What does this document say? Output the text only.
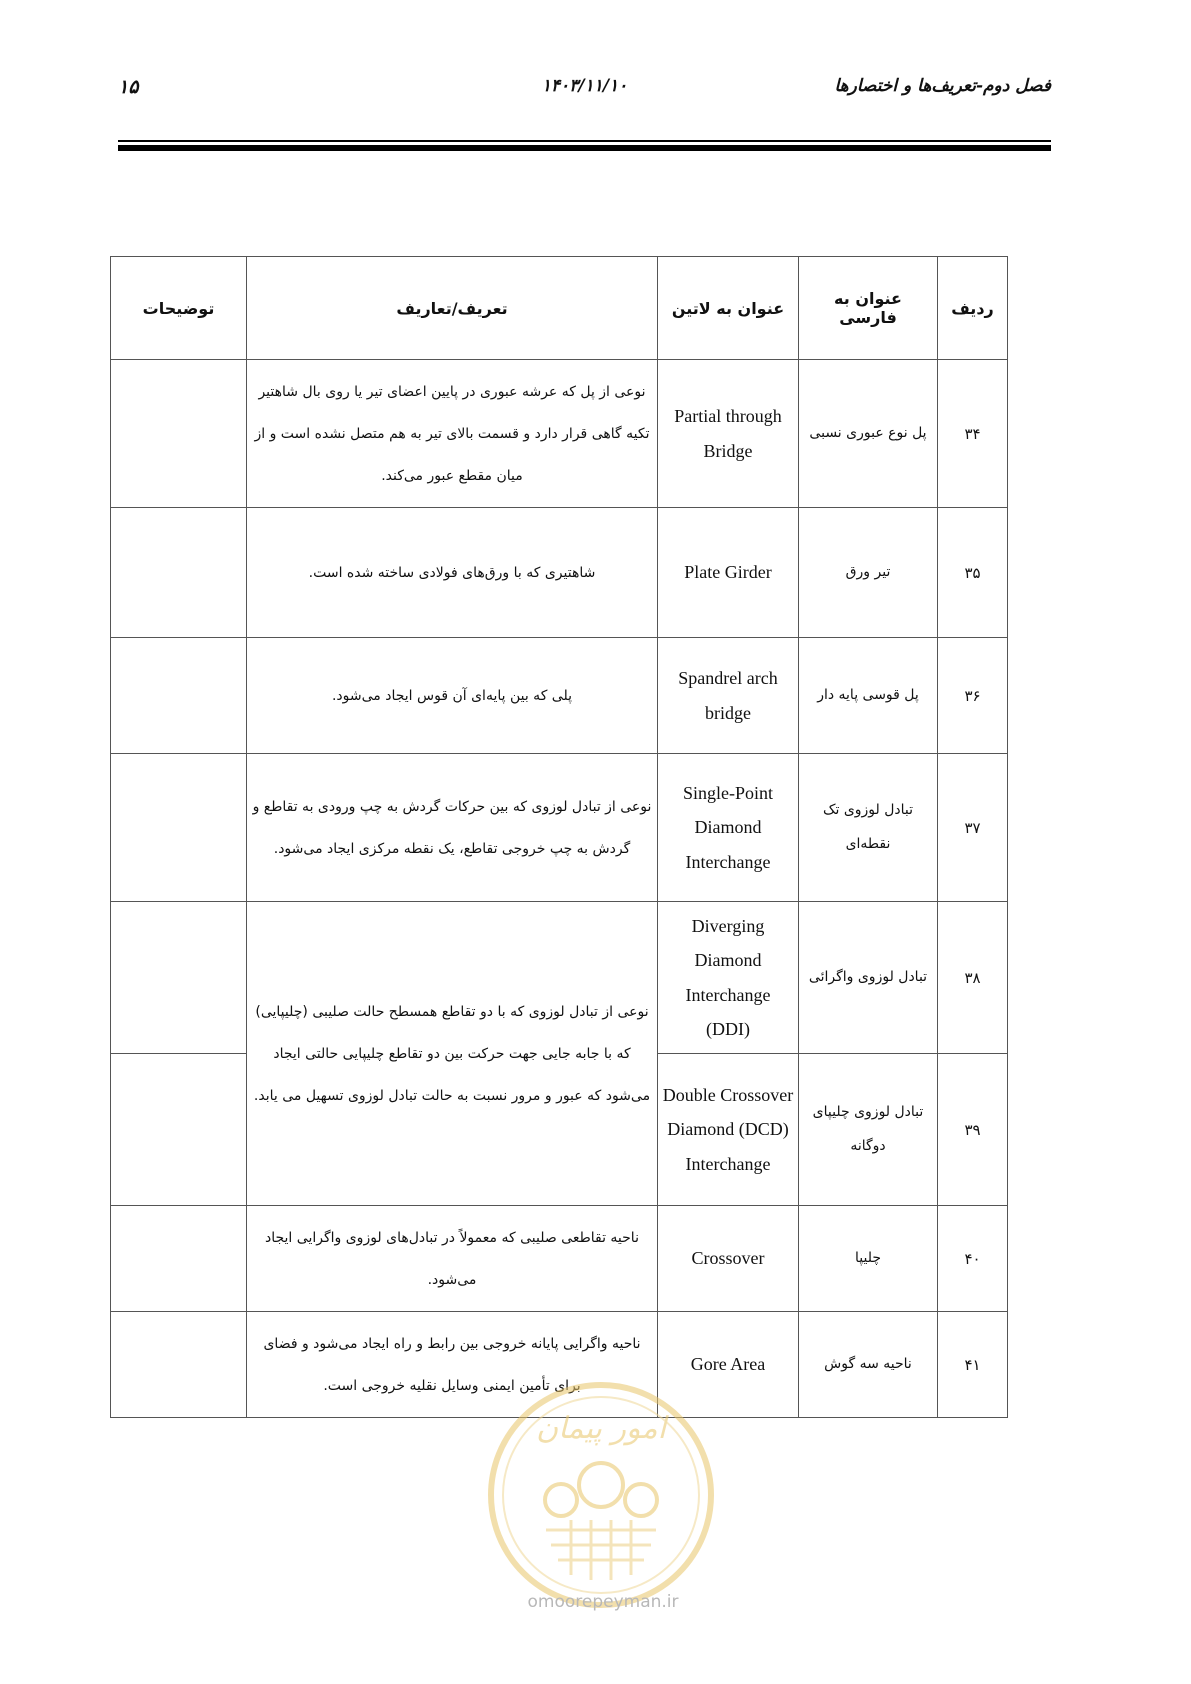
۱۵	۱۴۰۳/۱۱/۱۰	فصل دوم-تعریف‌ها و اختصارها
ردیف	عنوان به فارسی	عنوان به لاتین	تعریف/تعاریف	توضیحات
۳۴	پل نوع عبوری نسبی	Partial through Bridge	نوعی از پل که عرشه عبوری در پایین اعضای تیر یا روی بال شاهتیر تکیه گاهی قرار دارد و قسمت بالای تیر به هم متصل نشده است و از میان مقطع عبور می‌کند.	
۳۵	تیر ورق	Plate Girder	شاهتیری که با ورق‌های فولادی ساخته شده است.	
۳۶	پل قوسی پایه دار	Spandrel arch bridge	پلی که بین پایه‌ای آن قوس ایجاد می‌شود.	
۳۷	تبادل لوزوی تک نقطه‌ای	Single-Point Diamond Interchange	نوعی از تبادل لوزوی که بین حرکات گردش به چپ ورودی به تقاطع و گردش به چپ خروجی تقاطع، یک نقطه مرکزی ایجاد می‌شود.	
۳۸	تبادل لوزوی واگرائی	Diverging Diamond Interchange (DDI)	نوعی از تبادل لوزوی که با دو تقاطع همسطح حالت صلیبی (چلیپایی) که با جابه جایی جهت حرکت بین دو تقاطع چلیپایی حالتی ایجاد می‌شود که عبور و مرور نسبت به حالت تبادل لوزوی تسهیل می یابد.	
۳۹	تبادل لوزوی چلیپای دوگانه	Double Crossover Diamond (DCD) Interchange		
۴۰	چلیپا	Crossover	ناحیه تقاطعی صلیبی که معمولاً در تبادل‌های لوزوی واگرایی ایجاد می‌شود.	
۴۱	ناحیه سه گوش	Gore Area	ناحیه واگرایی پایانه خروجی بین رابط و راه ایجاد می‌شود و فضای برای تأمین ایمنی وسایل نقلیه خروجی است.	
امور پیمان
omoorepeyman.ir
